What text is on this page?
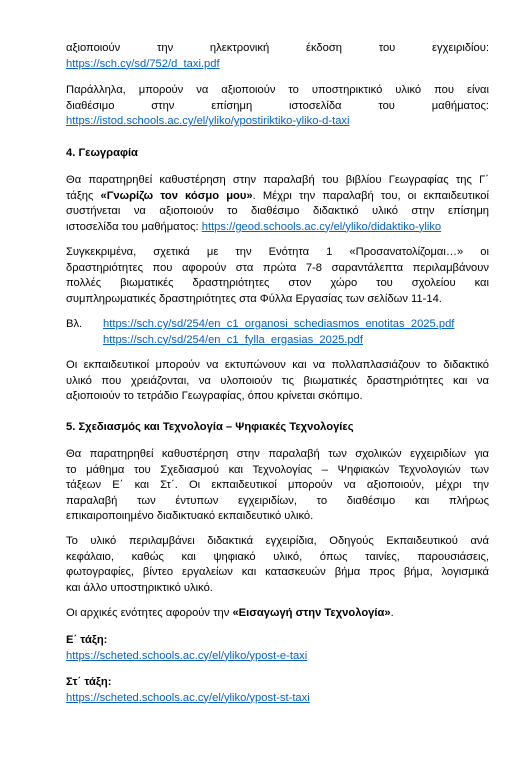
αξιοποιούν	την	ηλεκτρονική	έκδοση	του	εγχειριδίου:
https://sch.cy/sd/752/d_taxi.pdf
Παράλληλα, μπορούν να αξιοποιούν το υποστηρικτικό υλικό που είναι
διαθέσιμο	στην	επίσημη	ιστοσελίδα	του	μαθήματος:
https://istod.schools.ac.cy/el/yliko/ypostiriktiko-yliko-d-taxi
4. Γεωγραφία
Θα παρατηρηθεί καθυστέρηση στην παραλαβή του βιβλίου Γεωγραφίας της Γ΄
τάξης «Γνωρίζω τον κόσμο μου». Μέχρι την παραλαβή του, οι εκπαιδευτικοί
συστήνεται να αξιοποιούν το διαθέσιμο διδακτικό υλικό στην επίσημη
ιστοσελίδα του μαθήματος: https://geod.schools.ac.cy/el/yliko/didaktiko-yliko
Συγκεκριμένα, σχετικά με την Ενότητα 1 «Προσανατολίζομαι…» οι
δραστηριότητες που αφορούν στα πρώτα 7-8 σαραντάλεπτα περιλαμβάνουν
πολλές βιωματικές δραστηριότητες στον χώρο του σχολείου και
συμπληρωματικές δραστηριότητες στα Φύλλα Εργασίας των σελίδων 11-14.
Βλ. https://sch.cy/sd/254/en_c1_organosi_schediasmos_enotitas_2025.pdf
https://sch.cy/sd/254/en_c1_fylla_ergasias_2025.pdf
Οι εκπαιδευτικοί μπορούν να εκτυπώνουν και να πολλαπλασιάζουν το διδακτικό
υλικό που χρειάζονται, να υλοποιούν τις βιωματικές δραστηριότητες και να
αξιοποιούν το τετράδιο Γεωγραφίας, όπου κρίνεται σκόπιμο.
5. Σχεδιασμός και Τεχνολογία – Ψηφιακές Τεχνολογίες
Θα παρατηρηθεί καθυστέρηση στην παραλαβή των σχολικών εγχειριδίων για
το μάθημα του Σχεδιασμού και Τεχνολογίας – Ψηφιακών Τεχνολογιών των
τάξεων Ε΄ και Στ΄. Οι εκπαιδευτικοί μπορούν να αξιοποιούν, μέχρι την
παραλαβή των έντυπων εγχειριδίων, το διαθέσιμο και πλήρως
επικαιροποιημένο διαδικτυακό εκπαιδευτικό υλικό.
Το υλικό περιλαμβάνει διδακτικά εγχειρίδια, Οδηγούς Εκπαιδευτικού ανά
κεφάλαιο, καθώς και ψηφιακό υλικό, όπως ταινίες, παρουσιάσεις,
φωτογραφίες, βίντεο εργαλείων και κατασκευών βήμα προς βήμα, λογισμικά
και άλλο υποστηρικτικό υλικό.
Οι αρχικές ενότητες αφορούν την «Εισαγωγή στην Τεχνολογία».
Ε΄ τάξη:
https://scheted.schools.ac.cy/el/yliko/ypost-e-taxi
Στ΄ τάξη:
https://scheted.schools.ac.cy/el/yliko/ypost-st-taxi
